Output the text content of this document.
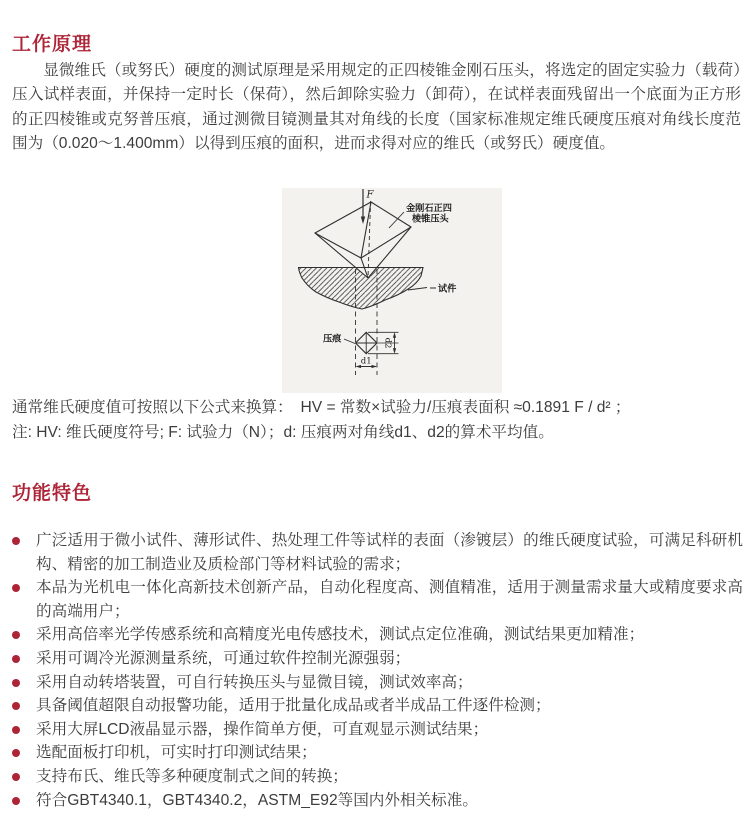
工作原理

显微维氏（或努氏）硬度的测试原理是采用规定的正四棱锥金刚石压头，将选定的固定实验力（载荷）压入试样表面，并保持一定时长（保荷），然后卸除实验力（卸荷），在试样表面残留出一个底面为正方形的正四棱锥或克努普压痕，通过测微目镜测量其对角线的长度（国家标准规定维氏硬度压痕对角线长度范围为（0.020～1.400mm）以得到压痕的面积，进而求得对应的维氏（或努氏）硬度值。

F
金刚石正四
棱锥压头
试件
压痕	d2
d1
通常维氏硬度值可按照以下公式来换算：　HV = 常数×试验力/压痕表面积 ≈0.1891 F / d² ；
注: HV: 维氏硬度符号; F: 试验力（N）；d: 压痕两对角线d1、d2的算术平均值。
功能特色
广泛适用于微小试件、薄形试件、热处理工件等试样的表面（渗镀层）的维氏硬度试验，可满足科研机构、精密的加工制造业及质检部门等材料试验的需求；
本品为光机电一体化高新技术创新产品，自动化程度高、测值精准，适用于测量需求量大或精度要求高的高端用户；
采用高倍率光学传感系统和高精度光电传感技术，测试点定位准确，测试结果更加精准；
采用可调冷光源测量系统，可通过软件控制光源强弱；
采用自动转塔装置，可自行转换压头与显微目镜，测试效率高；
具备阈值超限自动报警功能，适用于批量化成品或者半成品工件逐件检测；
采用大屏LCD液晶显示器，操作简单方便，可直观显示测试结果；
选配面板打印机，可实时打印测试结果；
支持布氏、维氏等多种硬度制式之间的转换；
符合GBT4340.1，GBT4340.2，ASTM_E92等国内外相关标准。
